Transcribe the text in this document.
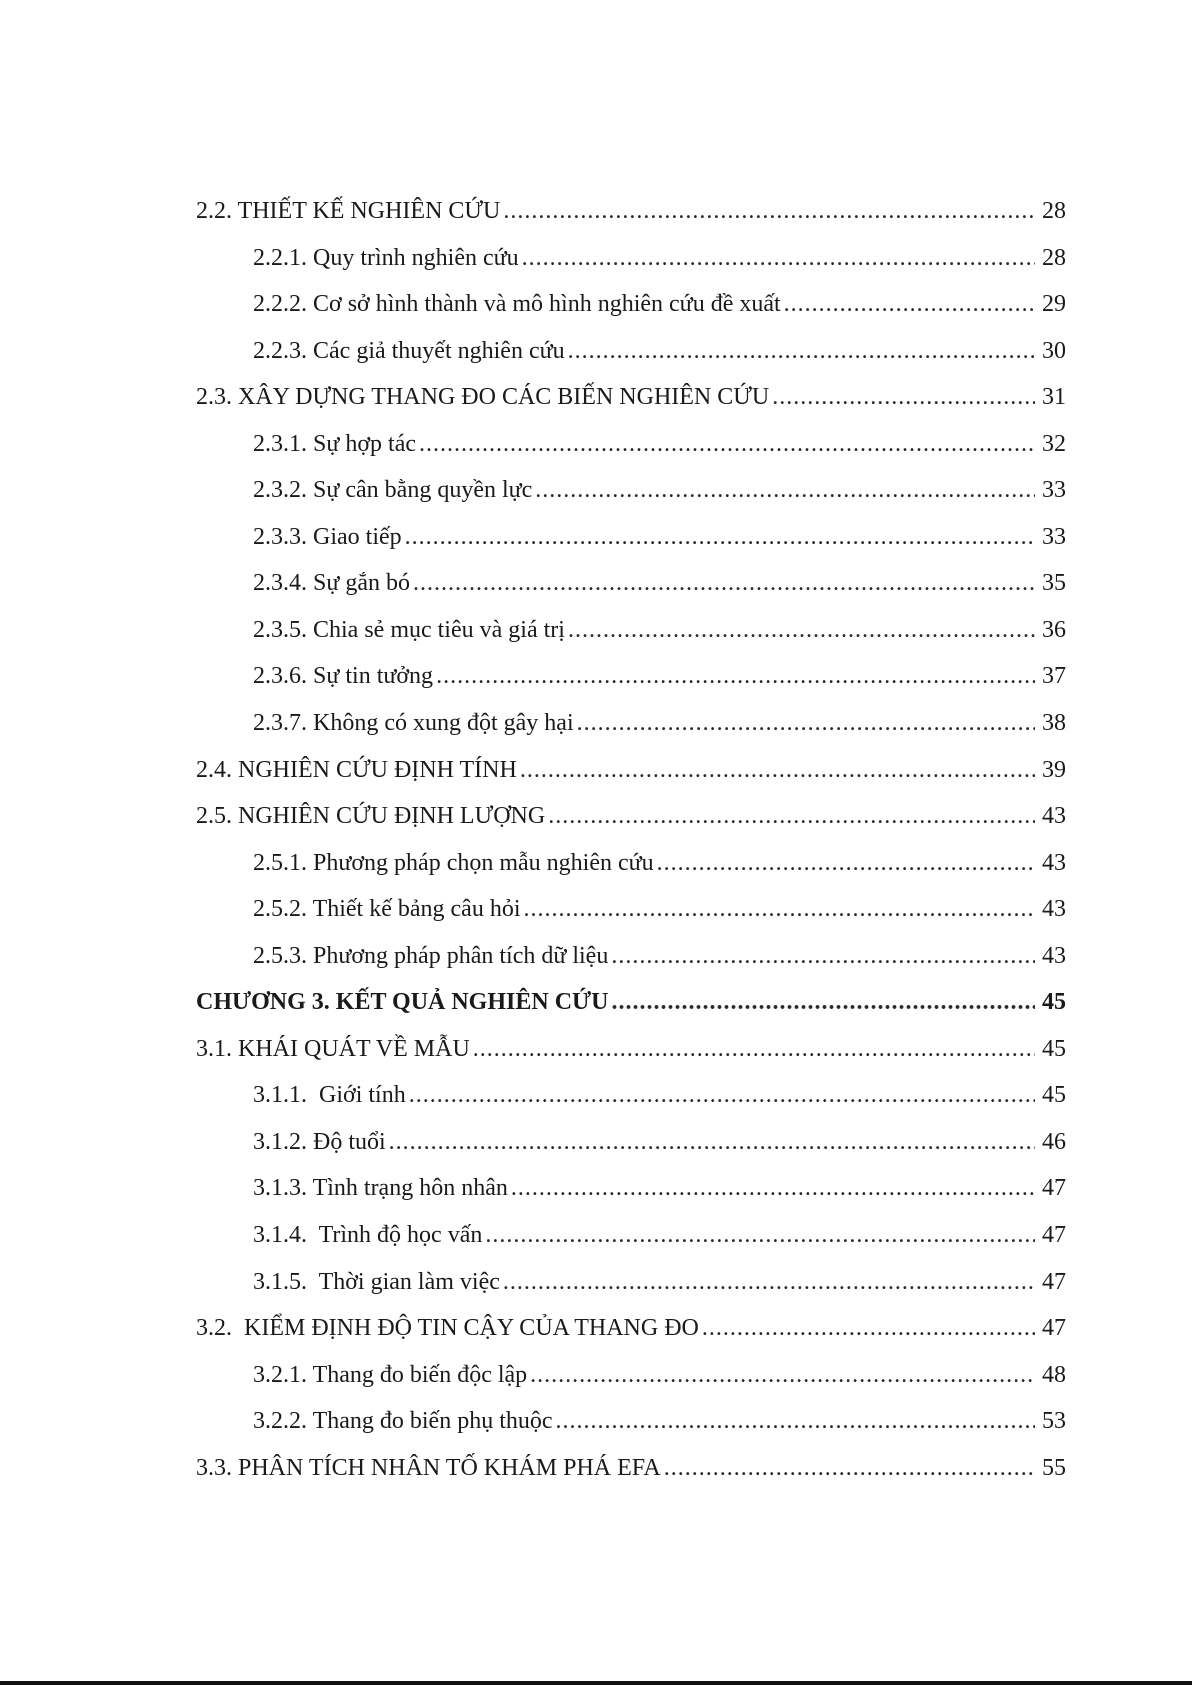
2.2. THIẾT KẾ NGHIÊN CỨU .....	28
2.2.1. Quy trình nghiên cứu .....	28
2.2.2. Cơ sở hình thành và mô hình nghiên cứu đề xuất .....	29
2.2.3. Các giả thuyết nghiên cứu .....	30
2.3. XÂY DỰNG THANG ĐO CÁC BIẾN NGHIÊN CỨU .....	31
2.3.1. Sự hợp tác .....	32
2.3.2. Sự cân bằng quyền lực .....	33
2.3.3. Giao tiếp .....	33
2.3.4. Sự gắn bó .....	35
2.3.5. Chia sẻ mục tiêu và giá trị .....	36
2.3.6. Sự tin tưởng .....	37
2.3.7. Không có xung đột gây hại .....	38
2.4. NGHIÊN CỨU ĐỊNH TÍNH .....	39
2.5. NGHIÊN CỨU ĐỊNH LƯỢNG .....	43
2.5.1. Phương pháp chọn mẫu nghiên cứu .....	43
2.5.2. Thiết kế bảng câu hỏi .....	43
2.5.3. Phương pháp phân tích dữ liệu .....	43
CHƯƠNG 3. KẾT QUẢ NGHIÊN CỨU .....	45
3.1. KHÁI QUÁT VỀ MẪU .....	45
3.1.1.  Giới tính .....	45
3.1.2. Độ tuổi .....	46
3.1.3. Tình trạng hôn nhân .....	47
3.1.4.  Trình độ học vấn .....	47
3.1.5.  Thời gian làm việc .....	47
3.2.  KIỂM ĐỊNH ĐỘ TIN CẬY CỦA THANG ĐO .....	47
3.2.1. Thang đo biến độc lập .....	48
3.2.2. Thang đo biến phụ thuộc .....	53
3.3. PHÂN TÍCH NHÂN TỐ KHÁM PHÁ EFA .....	55
